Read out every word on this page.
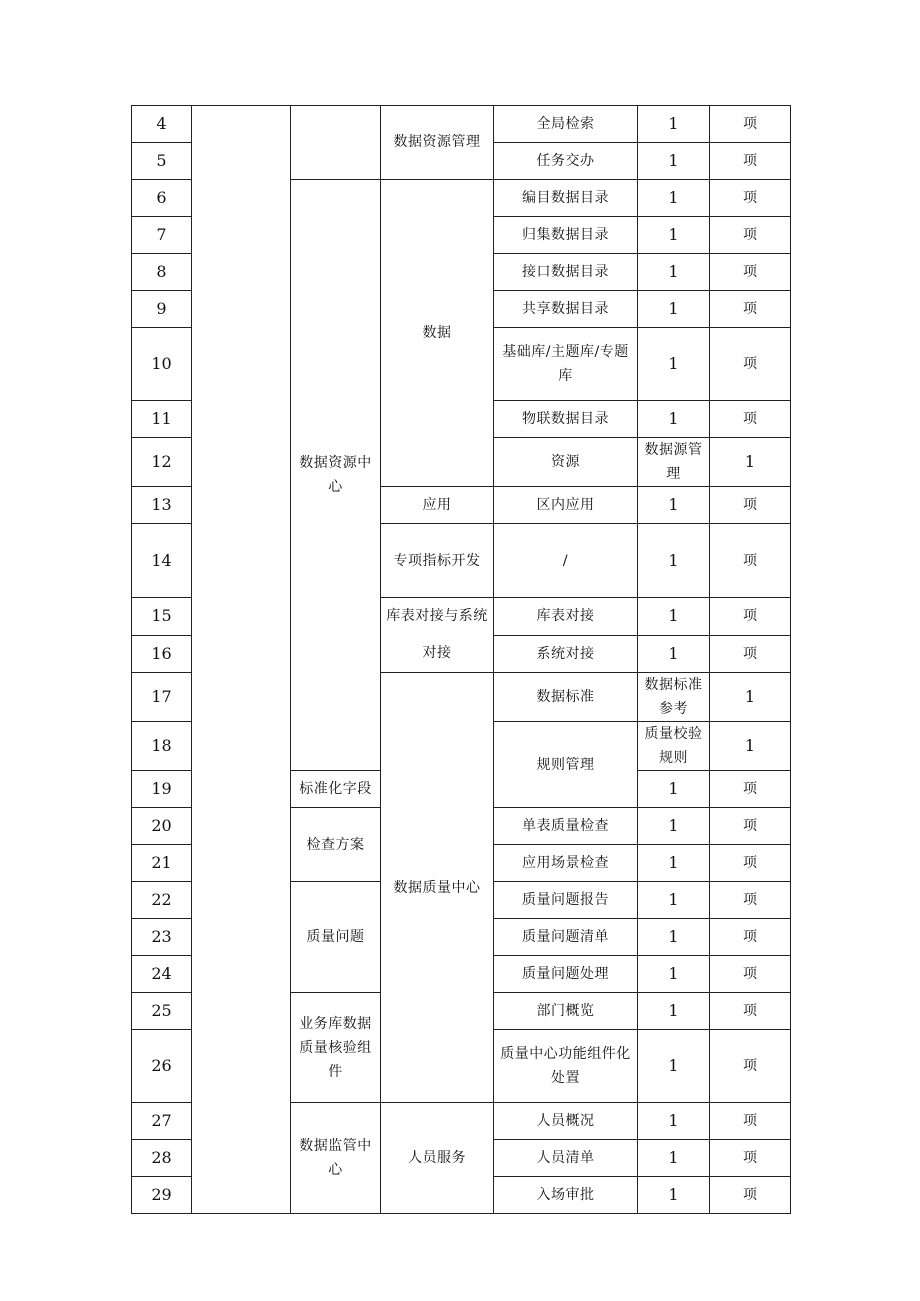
4			数据资源管理	全局检索	1	项	
5				任务交办	1	项	
6		数据资源中心	数据	编目数据目录	1	项	
7				归集数据目录	1	项	
8				接口数据目录	1	项	
9				共享数据目录	1	项	
10				基础库/主题库/专题库	1	项	
11				物联数据目录	1	项	
12				资源	数据源管理	1	
13			应用	区内应用	1	项	
14			专项指标开发	/	1	项	
15			库表对接与系统对接	库表对接	1	项	
16				系统对接	1	项	
17			数据质量中心	数据标准	数据标准参考	1	
18				规则管理	质量校验规则	1	
19		标准化字段			1	项	
20		检查方案		单表质量检查	1	项	
21				应用场景检查	1	项	
22		质量问题		质量问题报告	1	项	
23				质量问题清单	1	项	
24				质量问题处理	1	项	
25		业务库数据质量核验组件		部门概览	1	项	
26				质量中心功能组件化处置	1	项	
27		数据监管中心	人员服务	人员概况	1	项	
28				人员清单	1	项	
29				入场审批	1	项	
